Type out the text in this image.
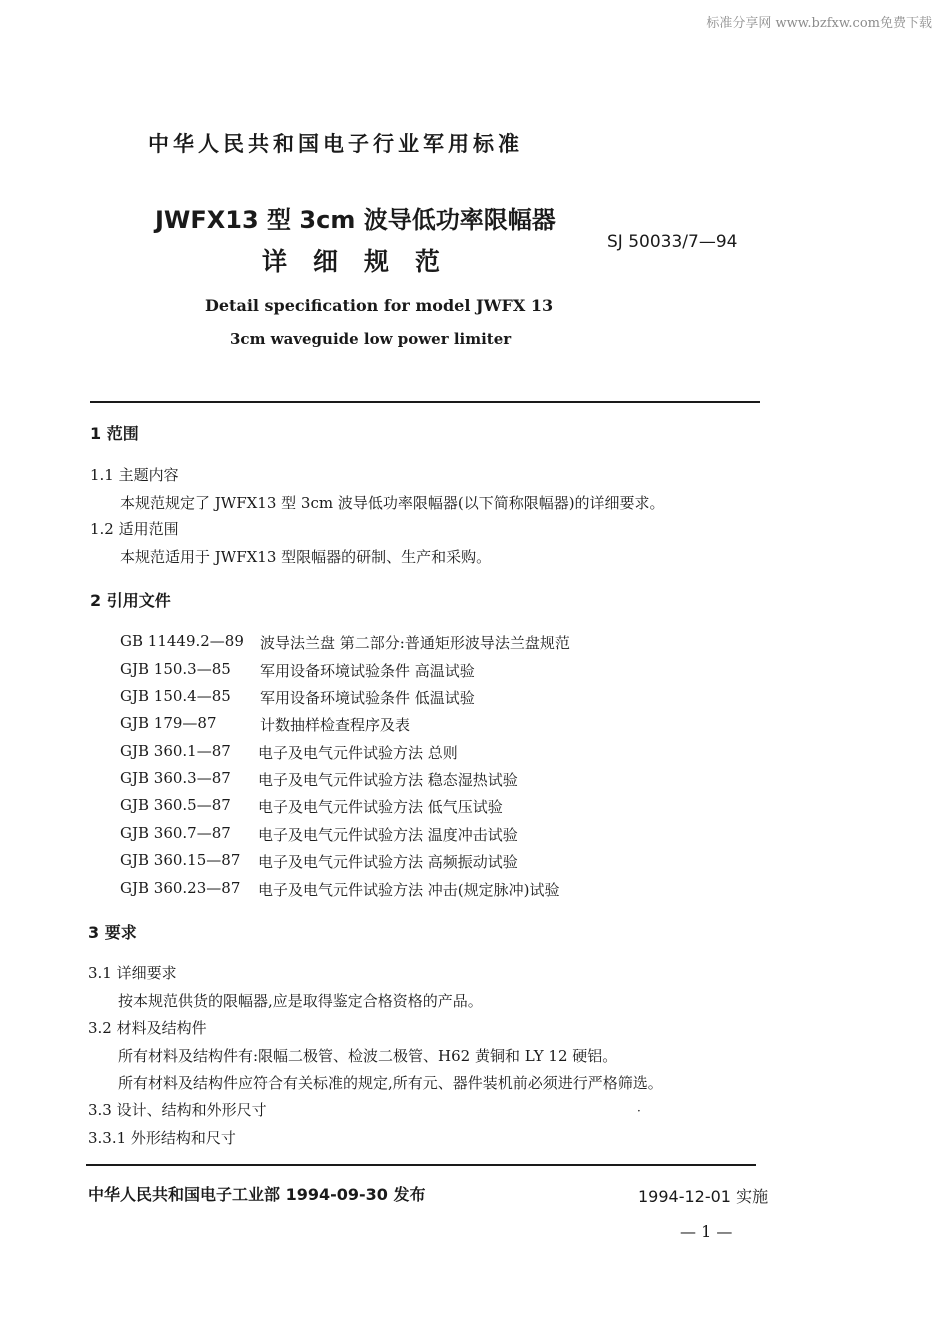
标准分享网 www.bzfxw.com免费下载
中华人民共和国电子行业军用标准
JWFX13 型 3cm 波导低功率限幅器
详细规范
SJ 50033/7—94
Detail specification for model JWFX 13
3cm waveguide low power limiter
1 范围
1.1 主题内容
本规范规定了 JWFX13 型 3cm 波导低功率限幅器(以下简称限幅器)的详细要求。
1.2 适用范围
本规范适用于 JWFX13 型限幅器的研制、生产和采购。
2 引用文件
GB 11449.2—89 波导法兰盘 第二部分:普通矩形波导法兰盘规范
GJB 150.3—85 军用设备环境试验条件 高温试验
GJB 150.4—85 军用设备环境试验条件 低温试验
GJB 179—87	计数抽样检查程序及表
GJB 360.1—87 电子及电气元件试验方法 总则
GJB 360.3—87 电子及电气元件试验方法 稳态湿热试验
GJB 360.5—87 电子及电气元件试验方法 低气压试验
GJB 360.7—87 电子及电气元件试验方法 温度冲击试验
GJB 360.15—87 电子及电气元件试验方法 高频振动试验
GJB 360.23—87 电子及电气元件试验方法 冲击(规定脉冲)试验
3 要求
3.1 详细要求
按本规范供货的限幅器,应是取得鉴定合格资格的产品。
3.2 材料及结构件
所有材料及结构件有:限幅二极管、检波二极管、H62 黄铜和 LY 12 硬铝。
所有材料及结构件应符合有关标准的规定,所有元、器件装机前必须进行严格筛选。
3.3 设计、结构和外形尺寸	·
3.3.1 外形结构和尺寸
中华人民共和国电子工业部 1994-09-30 发布	1994-12-01 实施
— 1 —
